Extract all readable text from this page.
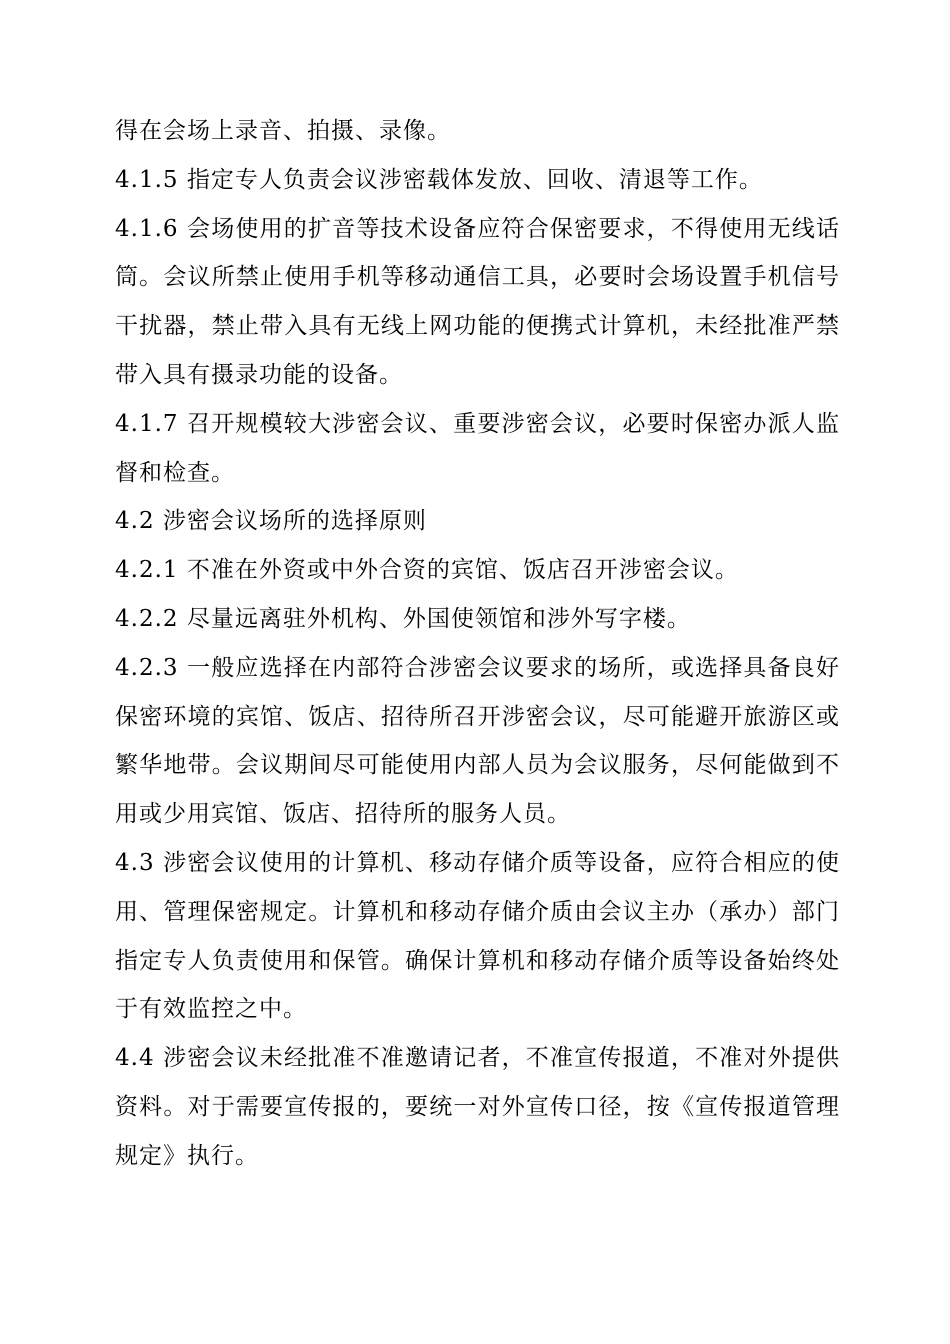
得在会场上录音、拍摄、录像。

4.1.5 指定专人负责会议涉密载体发放、回收、清退等工作。

4.1.6 会场使用的扩音等技术设备应符合保密要求，不得使用无线话筒。会议所禁止使用手机等移动通信工具，必要时会场设置手机信号干扰器，禁止带入具有无线上网功能的便携式计算机，未经批准严禁带入具有摄录功能的设备。

4.1.7 召开规模较大涉密会议、重要涉密会议，必要时保密办派人监督和检查。

4.2 涉密会议场所的选择原则

4.2.1 不准在外资或中外合资的宾馆、饭店召开涉密会议。

4.2.2 尽量远离驻外机构、外国使领馆和涉外写字楼。

4.2.3 一般应选择在内部符合涉密会议要求的场所，或选择具备良好保密环境的宾馆、饭店、招待所召开涉密会议，尽可能避开旅游区或繁华地带。会议期间尽可能使用内部人员为会议服务，尽何能做到不用或少用宾馆、饭店、招待所的服务人员。

4.3 涉密会议使用的计算机、移动存储介质等设备，应符合相应的使用、管理保密规定。计算机和移动存储介质由会议主办（承办）部门指定专人负责使用和保管。确保计算机和移动存储介质等设备始终处于有效监控之中。

4.4 涉密会议未经批准不准邀请记者，不准宣传报道，不准对外提供资料。对于需要宣传报的，要统一对外宣传口径，按《宣传报道管理规定》执行。
